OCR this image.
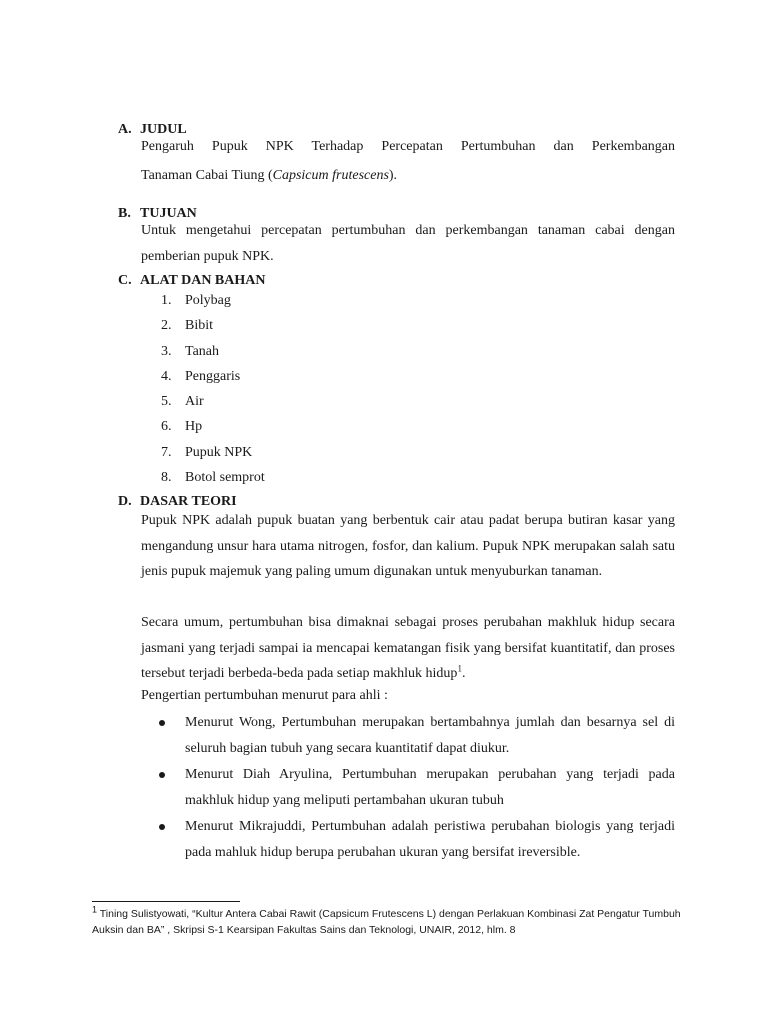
A. JUDUL
Pengaruh Pupuk NPK Terhadap Percepatan Pertumbuhan dan Perkembangan
Tanaman Cabai Tiung (Capsicum frutescens).
B. TUJUAN
Untuk mengetahui percepatan pertumbuhan dan perkembangan tanaman cabai dengan pemberian pupuk NPK.
C. ALAT DAN BAHAN
1. Polybag
2. Bibit
3. Tanah
4. Penggaris
5. Air
6. Hp
7. Pupuk NPK
8. Botol semprot
D. DASAR TEORI
Pupuk NPK adalah pupuk buatan yang berbentuk cair atau padat berupa butiran kasar yang mengandung unsur hara utama nitrogen, fosfor, dan kalium. Pupuk NPK merupakan salah satu jenis pupuk majemuk yang paling umum digunakan untuk menyuburkan tanaman.
Secara umum, pertumbuhan bisa dimaknai sebagai proses perubahan makhluk hidup secara jasmani yang terjadi sampai ia mencapai kematangan fisik yang bersifat kuantitatif, dan proses tersebut terjadi berbeda-beda pada setiap makhluk hidup$^1$.
Pengertian pertumbuhan menurut para ahli :
Menurut Wong, Pertumbuhan merupakan bertambahnya jumlah dan besarnya sel di seluruh bagian tubuh yang secara kuantitatif dapat diukur.
Menurut Diah Aryulina, Pertumbuhan merupakan perubahan yang terjadi pada makhluk hidup yang meliputi pertambahan ukuran tubuh
Menurut Mikrajuddi, Pertumbuhan adalah peristiwa perubahan biologis yang terjadi pada mahluk hidup berupa perubahan ukuran yang bersifat ireversible.
$^1$ Tining Sulistyowati, “Kultur Antera Cabai Rawit (Capsicum Frutescens L) dengan Perlakuan Kombinasi Zat Pengatur Tumbuh Auksin dan BA” , Skripsi S-1 Kearsipan Fakultas Sains dan Teknologi, UNAIR, 2012, hlm. 8
